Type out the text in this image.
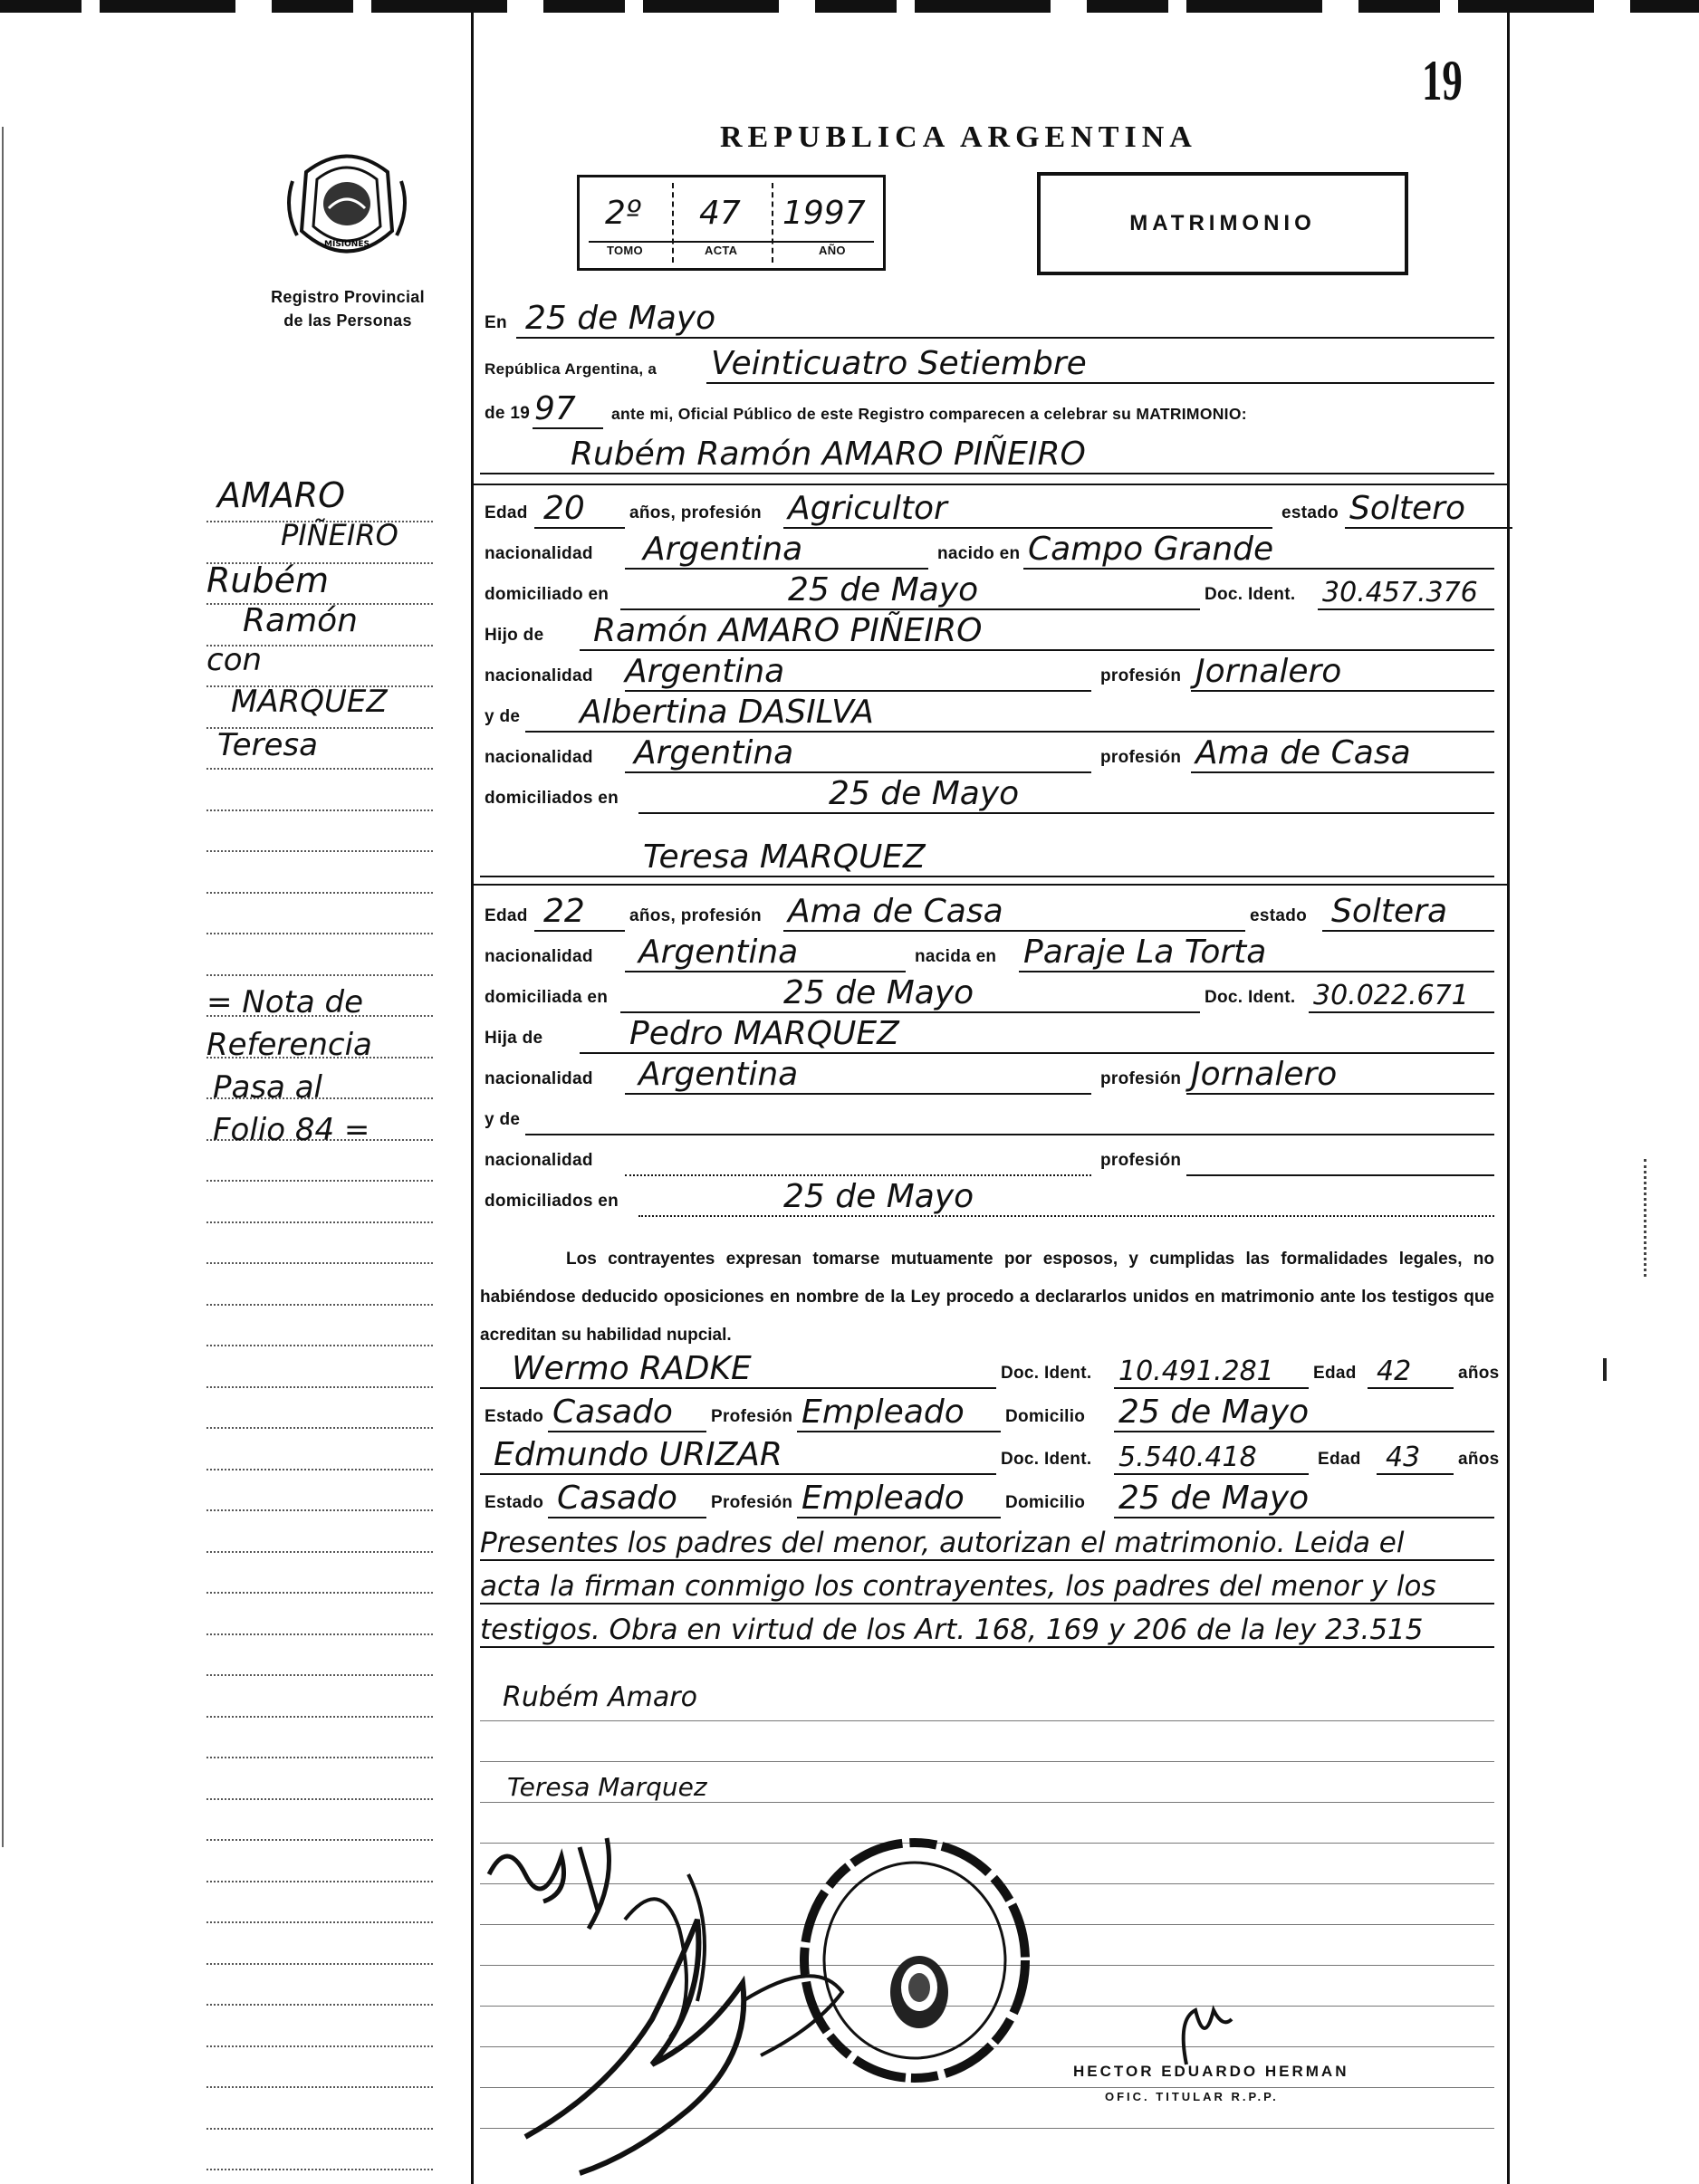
19
REPUBLICA ARGENTINA
MISIONES
Registro Provincial
de las Personas
2º 47 1997
TOMO	ACTA	AÑO
MATRIMONIO
En 25 de Mayo
República Argentina, a Veinticuatro Setiembre
de 19 97 ante mi, Oficial Público de este Registro comparecen a celebrar su MATRIMONIO:
Rubém Ramón AMARO PIÑEIRO
Edad 20	años, profesión Agricultor	estado Soltero
nacionalidad Argentina	nacido en Campo Grande
domiciliado en	25 de Mayo	Doc. Ident. 30.457.376
Hijo de Ramón AMARO PIÑEIRO
nacionalidad Argentina	profesión Jornalero
y de Albertina DASILVA
nacionalidad Argentina	profesión Ama de Casa
domiciliados en	25 de Mayo
Teresa MARQUEZ
Edad 22	años, profesión Ama de Casa	estado Soltera
nacionalidad Argentina	nacida en Paraje La Torta
domiciliada en	25 de Mayo	Doc. Ident. 30.022.671
Hija de	Pedro MARQUEZ
nacionalidad Argentina	profesión Jornalero
y de
nacionalidad	profesión
domiciliados en	25 de Mayo
Los contrayentes expresan tomarse mutuamente por esposos, y cumplidas las formalidades legales, no habiéndose deducido oposiciones en nombre de la Ley procedo a declararlos unidos en matrimonio ante los testigos que acreditan su habilidad nupcial.
Wermo RADKE	Doc. Ident. 10.491.281 Edad 42	años
Estado Casado Profesión Empleado Domicilio 25 de Mayo
Edmundo URIZAR	Doc. Ident. 5.540.418	Edad 43 años
Estado Casado Profesión Empleado Domicilio 25 de Mayo
Presentes los padres del menor, autorizan el matrimonio. Leida el
acta la firman conmigo los contrayentes, los padres del menor y los
testigos. Obra en virtud de los Art. 168, 169 y 206 de la ley 23.515
Rubém Amaro
Teresa Marquez
HECTOR EDUARDO HERMAN
OFIC. TITULAR R.P.P.
AMARO
PIÑEIRO
Rubém
Ramón
con
MARQUEZ
Teresa
= Nota de
Referencia
Pasa al
Folio 84 =
